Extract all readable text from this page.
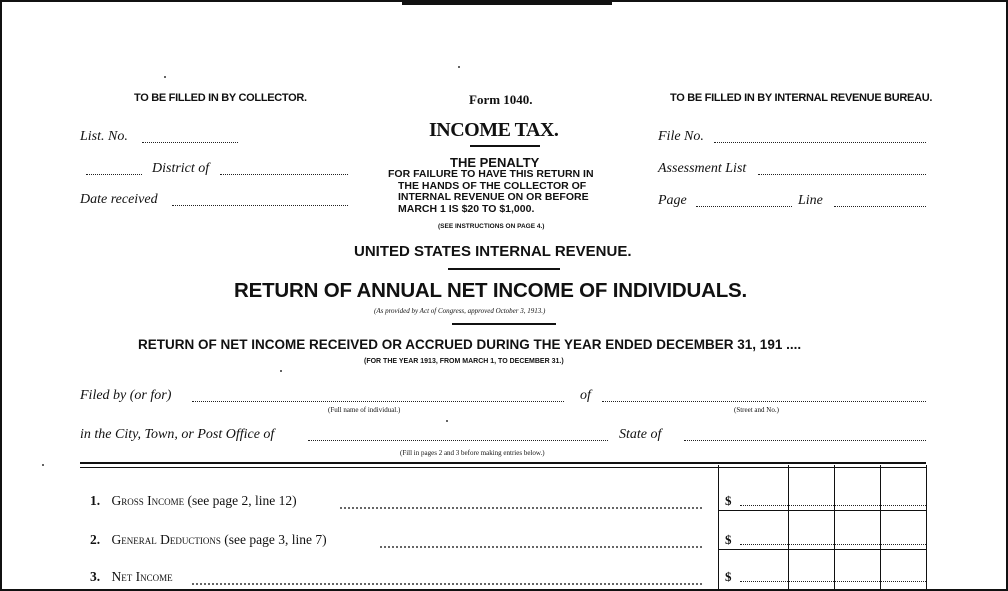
TO BE FILLED IN BY COLLECTOR.	Form 1040.	TO BE FILLED IN BY INTERNAL REVENUE BUREAU.
List. No.
District of
Date received
INCOME TAX.
THE PENALTY
FOR FAILURE TO HAVE THIS RETURN IN
THE HANDS OF THE COLLECTOR OF
INTERNAL REVENUE ON OR BEFORE
MARCH 1 IS $20 TO $1,000.
(SEE INSTRUCTIONS ON PAGE 4.)
UNITED STATES INTERNAL REVENUE.
RETURN OF ANNUAL NET INCOME OF INDIVIDUALS.
(As provided by Act of Congress, approved October 3, 1913.)
RETURN OF NET INCOME RECEIVED OR ACCRUED DURING THE YEAR ENDED DECEMBER 31, 191 ....
(FOR THE YEAR 1913, FROM MARCH 1, TO DECEMBER 31.)
File No.
Assessment List
Page	Line
Filed by (or for)
(Full name of individual.)
of
(Street and No.)
in the City, Town, or Post Office of	State of
(Fill in pages 2 and 3 before making entries below.)
1. Gross Income (see page 2, line 12)	$
2. General Deductions (see page 3, line 7)	$
3. Net Income	$
